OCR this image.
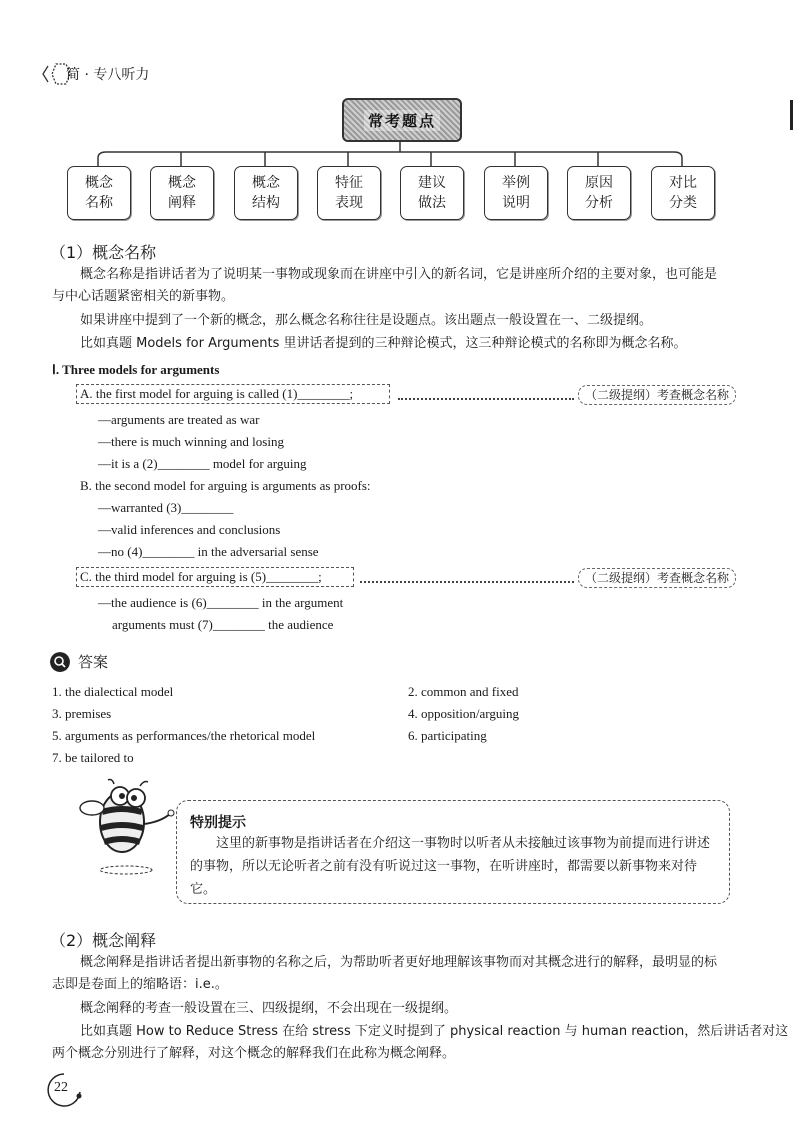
简 · 专八听力
常考题点
概念
名称
概念
阐释
概念
结构
特征
表现
建议
做法
举例
说明
原因
分析
对比
分类
（1）概念名称
概念名称是指讲话者为了说明某一事物或现象而在讲座中引入的新名词，它是讲座所介绍的主要对象，也可能是
与中心话题紧密相关的新事物。
如果讲座中提到了一个新的概念，那么概念名称往往是设题点。该出题点一般设置在一、二级提纲。
比如真题 Models for Arguments 里讲话者提到的三种辩论模式，这三种辩论模式的名称即为概念名称。
Ⅰ. Three models for arguments
A. the first model for arguing is called (1)________;	（二级提纲）考查概念名称
—arguments are treated as war
—there is much winning and losing
—it is a (2)________ model for arguing
B. the second model for arguing is arguments as proofs:
—warranted (3)________
—valid inferences and conclusions
—no (4)________ in the adversarial sense
C. the third model for arguing is (5)________;	（二级提纲）考查概念名称
—the audience is (6)________ in the argument
arguments must (7)________ the audience
答案
1. the dialectical model	2. common and fixed
3. premises	4. opposition/arguing
5. arguments as performances/the rhetorical model	6. participating
7. be tailored to
特别提示
这里的新事物是指讲话者在介绍这一事物时以听者从未接触过该事物为前提而进行讲述的事物，所以无论听者之前有没有听说过这一事物，在听讲座时，都需要以新事物来对待它。
（2）概念阐释
概念阐释是指讲话者提出新事物的名称之后，为帮助听者更好地理解该事物而对其概念进行的解释，最明显的标
志即是卷面上的缩略语：i.e.。
概念阐释的考查一般设置在三、四级提纲，不会出现在一级提纲。
比如真题 How to Reduce Stress 在给 stress 下定义时提到了 physical reaction 与 human reaction，然后讲话者对这
两个概念分别进行了解释，对这个概念的解释我们在此称为概念阐释。
22
